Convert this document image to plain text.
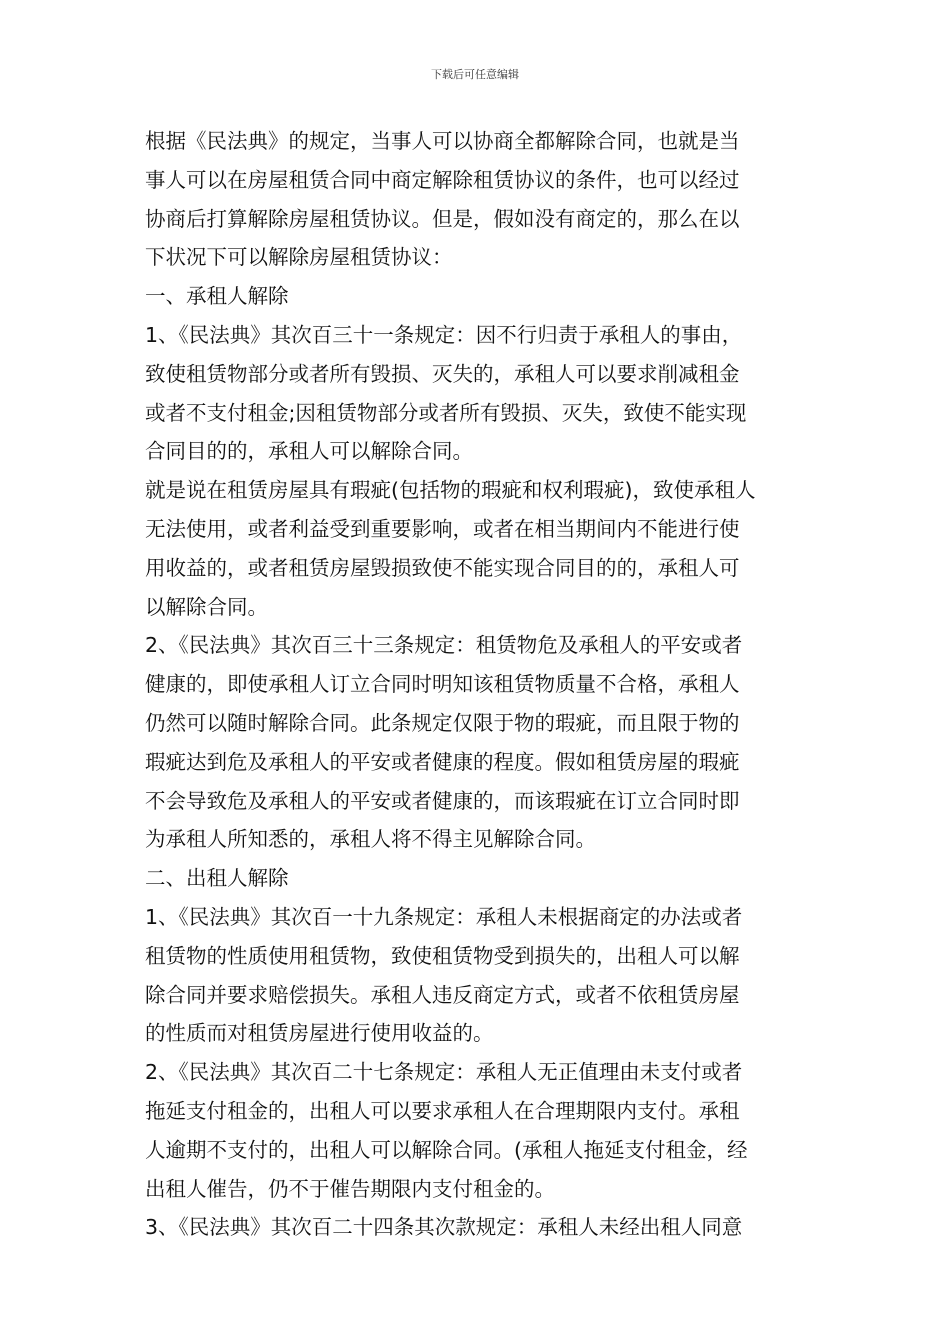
下载后可任意编辑
根据《民法典》的规定，当事人可以协商全都解除合同，也就是当
事人可以在房屋租赁合同中商定解除租赁协议的条件，也可以经过
协商后打算解除房屋租赁协议。但是，假如没有商定的，那么在以
下状况下可以解除房屋租赁协议：
一、承租人解除
1、《民法典》其次百三十一条规定：因不行归责于承租人的事由，
致使租赁物部分或者所有毁损、灭失的，承租人可以要求削减租金
或者不支付租金;因租赁物部分或者所有毁损、灭失，致使不能实现
合同目的的，承租人可以解除合同。
就是说在租赁房屋具有瑕疵(包括物的瑕疵和权利瑕疵)，致使承租人
无法使用，或者利益受到重要影响，或者在相当期间内不能进行使
用收益的，或者租赁房屋毁损致使不能实现合同目的的，承租人可
以解除合同。
2、《民法典》其次百三十三条规定：租赁物危及承租人的平安或者
健康的，即使承租人订立合同时明知该租赁物质量不合格，承租人
仍然可以随时解除合同。此条规定仅限于物的瑕疵，而且限于物的
瑕疵达到危及承租人的平安或者健康的程度。假如租赁房屋的瑕疵
不会导致危及承租人的平安或者健康的，而该瑕疵在订立合同时即
为承租人所知悉的，承租人将不得主见解除合同。
二、出租人解除
1、《民法典》其次百一十九条规定：承租人未根据商定的办法或者
租赁物的性质使用租赁物，致使租赁物受到损失的，出租人可以解
除合同并要求赔偿损失。承租人违反商定方式，或者不依租赁房屋
的性质而对租赁房屋进行使用收益的。
2、《民法典》其次百二十七条规定：承租人无正值理由未支付或者
拖延支付租金的，出租人可以要求承租人在合理期限内支付。承租
人逾期不支付的，出租人可以解除合同。(承租人拖延支付租金，经
出租人催告，仍不于催告期限内支付租金的。
3、《民法典》其次百二十四条其次款规定：承租人未经出租人同意
